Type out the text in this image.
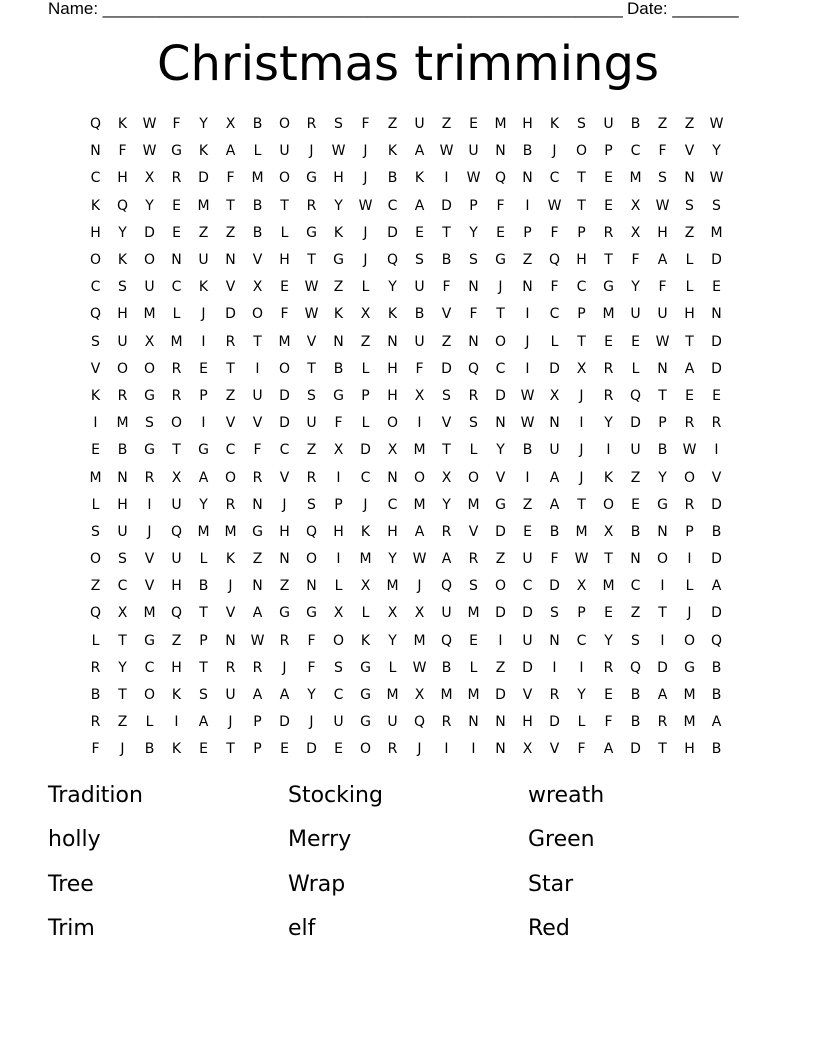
Name: _______________________________________________________ Date: _______
Christmas trimmings
Q	K	W	F	Y	X	B	O	R	S	F	Z	U	Z	E	M	H	K	S	U	B	Z	Z	W
N	F	W	G	K	A	L	U	J	W	J	K	A	W	U	N	B	J	O	P	C	F	V	Y
C	H	X	R	D	F	M	O	G	H	J	B	K	I	W	Q	N	C	T	E	M	S	N	W
K	Q	Y	E	M	T	B	T	R	Y	W	C	A	D	P	F	I	W	T	E	X	W	S	S
H	Y	D	E	Z	Z	B	L	G	K	J	D	E	T	Y	E	P	F	P	R	X	H	Z	M
O	K	O	N	U	N	V	H	T	G	J	Q	S	B	S	G	Z	Q	H	T	F	A	L	D
C	S	U	C	K	V	X	E	W	Z	L	Y	U	F	N	J	N	F	C	G	Y	F	L	E
Q	H	M	L	J	D	O	F	W	K	X	K	B	V	F	T	I	C	P	M	U	U	H	N
S	U	X	M	I	R	T	M	V	N	Z	N	U	Z	N	O	J	L	T	E	E	W	T	D
V	O	O	R	E	T	I	O	T	B	L	H	F	D	Q	C	I	D	X	R	L	N	A	D
K	R	G	R	P	Z	U	D	S	G	P	H	X	S	R	D	W	X	J	R	Q	T	E	E
I	M	S	O	I	V	V	D	U	F	L	O	I	V	S	N	W	N	I	Y	D	P	R	R
E	B	G	T	G	C	F	C	Z	X	D	X	M	T	L	Y	B	U	J	I	U	B	W	I
M	N	R	X	A	O	R	V	R	I	C	N	O	X	O	V	I	A	J	K	Z	Y	O	V
L	H	I	U	Y	R	N	J	S	P	J	C	M	Y	M	G	Z	A	T	O	E	G	R	D
S	U	J	Q	M	M	G	H	Q	H	K	H	A	R	V	D	E	B	M	X	B	N	P	B
O	S	V	U	L	K	Z	N	O	I	M	Y	W	A	R	Z	U	F	W	T	N	O	I	D
Z	C	V	H	B	J	N	Z	N	L	X	M	J	Q	S	O	C	D	X	M	C	I	L	A
Q	X	M	Q	T	V	A	G	G	X	L	X	X	U	M	D	D	S	P	E	Z	T	J	D
L	T	G	Z	P	N	W	R	F	O	K	Y	M	Q	E	I	U	N	C	Y	S	I	O	Q
R	Y	C	H	T	R	R	J	F	S	G	L	W	B	L	Z	D	I	I	R	Q	D	G	B
B	T	O	K	S	U	A	A	Y	C	G	M	X	M	M	D	V	R	Y	E	B	A	M	B
R	Z	L	I	A	J	P	D	J	U	G	U	Q	R	N	N	H	D	L	F	B	R	M	A
F	J	B	K	E	T	P	E	D	E	O	R	J	I	I	N	X	V	F	A	D	T	H	B
Tradition	Stocking	wreath
holly	Merry	Green
Tree	Wrap	Star
Trim	elf	Red
